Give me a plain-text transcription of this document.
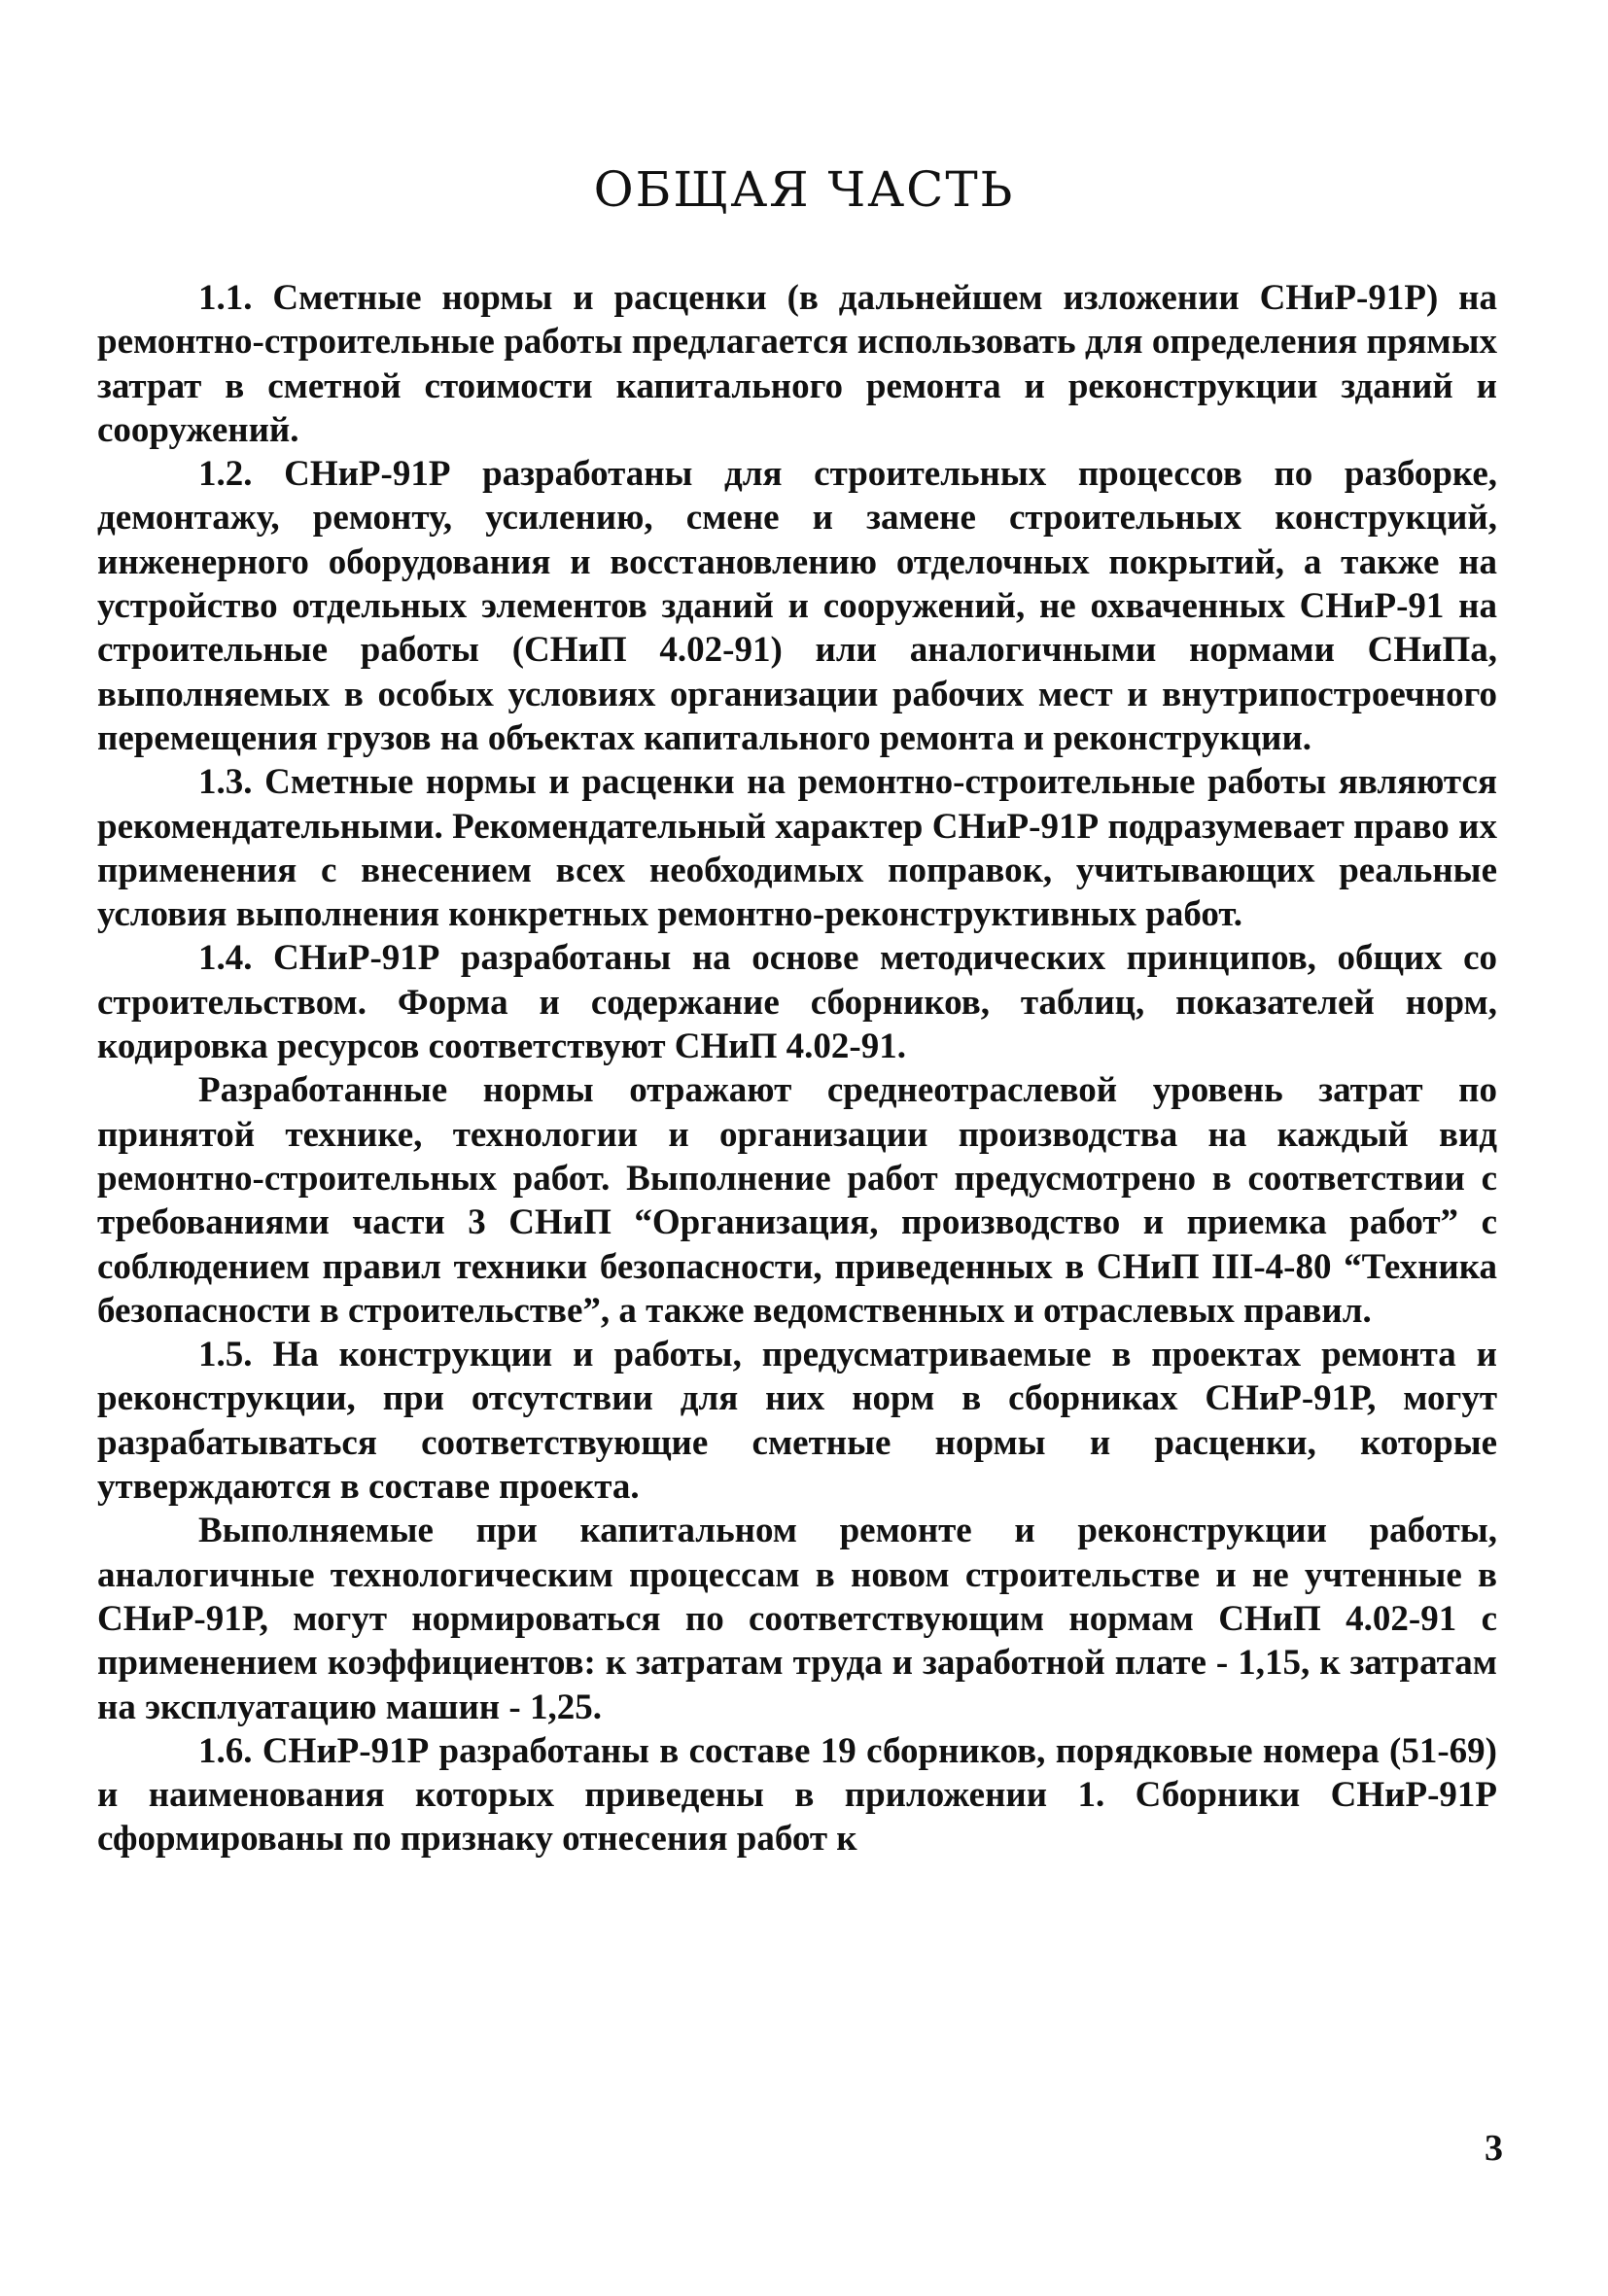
ОБЩАЯ ЧАСТЬ

1.1. Сметные нормы и расценки (в дальнейшем изложении СНиР-91Р) на ремонтно-строительные работы предлагается использовать для определения прямых затрат в сметной стоимости капитального ремонта и реконструкции зданий и сооружений.

1.2. СНиР-91Р разработаны для строительных процессов по разборке, демонтажу, ремонту, усилению, смене и замене строительных конструкций, инженерного оборудования и восстановлению отделочных покрытий, а также на устройство отдельных элементов зданий и сооружений, не охваченных СНиР-91 на строительные работы (СНиП 4.02-91) или аналогичными нормами СНиПа, выполняемых в особых условиях организации рабочих мест и внутрипостроечного перемещения грузов на объектах капитального ремонта и реконструкции.

1.3. Сметные нормы и расценки на ремонтно-строительные работы являются рекомендательными. Рекомендательный характер СНиР-91Р подразумевает право их применения с внесением всех необходимых поправок, учитывающих реальные условия выполнения конкретных ремонтно-реконструктивных работ.

1.4. СНиР-91Р разработаны на основе методических принципов, общих со строительством. Форма и содержание сборников, таблиц, показателей норм, кодировка ресурсов соответствуют СНиП 4.02-91.

Разработанные нормы отражают среднеотраслевой уровень затрат по принятой технике, технологии и организации производства на каждый вид ремонтно-строительных работ. Выполнение работ предусмотрено в соответствии с требованиями части 3 СНиП “Организация, производство и приемка работ” с соблюдением правил техники безопасности, приведенных в СНиП III-4-80 “Техника безопасности в строительстве”, а также ведомственных и отраслевых правил.

1.5. На конструкции и работы, предусматриваемые в проектах ремонта и реконструкции, при отсутствии для них норм в сборниках СНиР-91Р, могут разрабатываться соответствующие сметные нормы и расценки, которые утверждаются в составе проекта.

Выполняемые при капитальном ремонте и реконструкции работы, аналогичные технологическим процессам в новом строительстве и не учтенные в СНиР-91Р, могут нормироваться по соответствующим нормам СНиП 4.02-91 с применением коэффициентов: к затратам труда и заработной плате - 1,15, к затратам на эксплуатацию машин - 1,25.

1.6. СНиР-91Р разработаны в составе 19 сборников, порядковые номера (51-69) и наименования которых приведены в приложении 1. Сборники СНиР-91Р сформированы по признаку отнесения работ к

3
